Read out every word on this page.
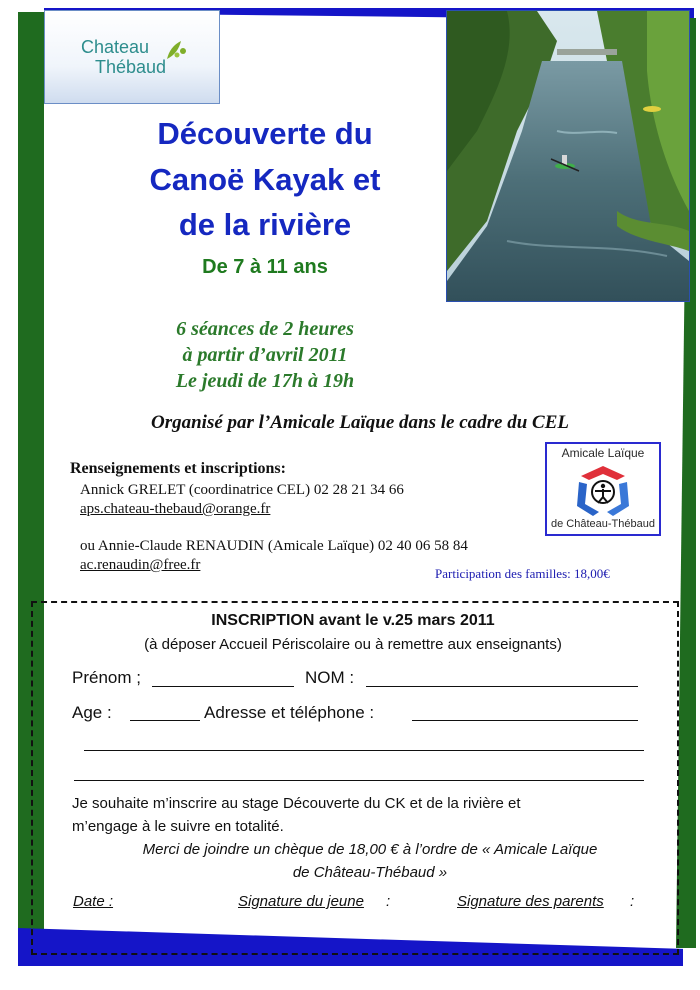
Chateau
Thébaud
Découverte du
Canoë Kayak et
de la rivière
De 7 à 11 ans
6 séances de 2 heures
à partir d’avril 2011
Le jeudi de 17h à 19h
Organisé par l’Amicale Laïque dans le cadre du CEL
Renseignements et inscriptions:
Annick GRELET (coordinatrice CEL) 02 28 21 34 66
aps.chateau-thebaud@orange.fr
ou Annie-Claude RENAUDIN (Amicale Laïque) 02 40 06 58 84
ac.renaudin@free.fr
Amicale Laïque
de Château-Thébaud
Participation des familles: 18,00€
INSCRIPTION avant le v.25 mars 2011
(à déposer Accueil Périscolaire ou à remettre aux enseignants)
Prénom ;	NOM :
Age :	Adresse et téléphone :
Je souhaite m’inscrire au stage Découverte du CK et de la rivière et
m’engage à le suivre en totalité.
Merci de joindre un chèque de 18,00 € à l’ordre de « Amicale Laïque
de Château-Thébaud »
Date :	Signature du jeune :	Signature des parents :
